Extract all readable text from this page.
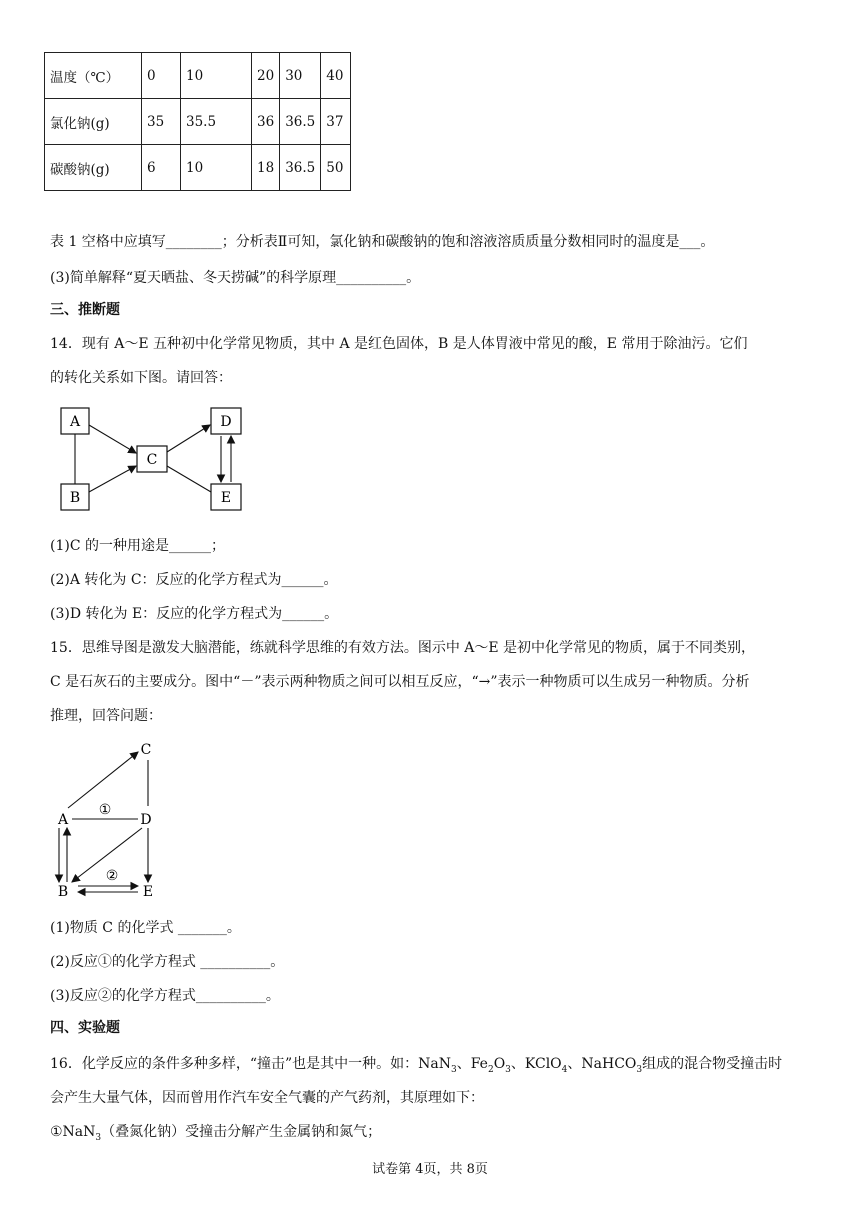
温度（℃）	0	10	20	30	40
氯化钠(g)	35	35.5	36	36.5	37
碳酸钠(g)	6	10	18	36.5	50
表 1 空格中应填写________；分析表Ⅱ可知，氯化钠和碳酸钠的饱和溶液溶质质量分数相同时的温度是___。
(3)简单解释“夏天晒盐、冬天捞碱”的科学原理__________。
三、推断题
14．现有 A～E 五种初中化学常见物质，其中 A 是红色固体，B 是人体胃液中常见的酸，E 常用于除油污。它们
的转化关系如下图。请回答：
A
B
C
D
E
(1)C 的一种用途是______；
(2)A 转化为 C：反应的化学方程式为______。
(3)D 转化为 E：反应的化学方程式为______。
15．思维导图是激发大脑潜能，练就科学思维的有效方法。图示中 A～E 是初中化学常见的物质，属于不同类别，
C 是石灰石的主要成分。图中“－”表示两种物质之间可以相互反应，“→”表示一种物质可以生成另一种物质。分析
推理，回答问题：
C
A	D
B	E
①
②
(1)物质 C 的化学式 _______。
(2)反应①的化学方程式 __________。
(3)反应②的化学方程式__________。
四、实验题
16．化学反应的条件多种多样，“撞击”也是其中一种。如：NaN$_3$、$Fe_2O_3$、KClO$_4$、NaHCO$_3$组成的混合物受撞击时
会产生大量气体，因而曾用作汽车安全气囊的产气药剂，其原理如下：
①NaN$_3$（叠氮化钠）受撞击分解产生金属钠和氮气；
试卷第 4页，共 8页
